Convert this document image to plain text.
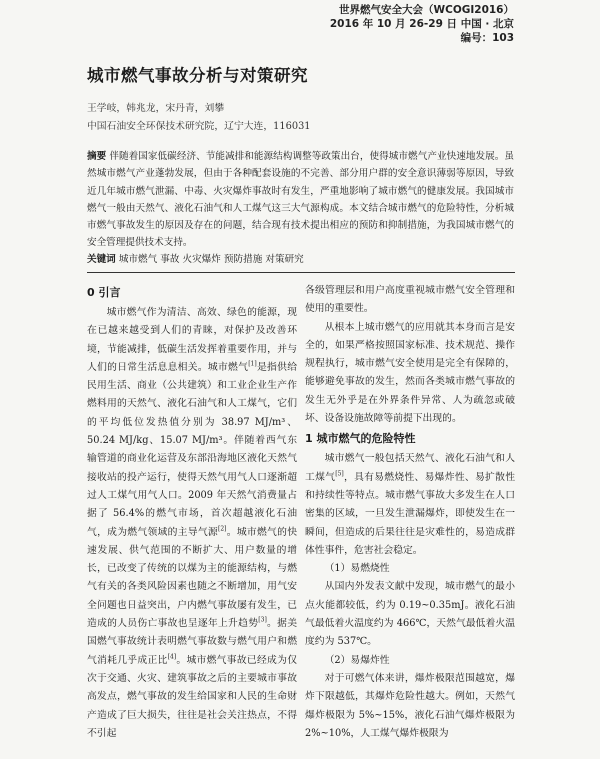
世界燃气安全大会（WCOGI2016）
2016 年 10 月 26-29 日 中国 · 北京
编号：103
城市燃气事故分析与对策研究
王学岐，韩兆龙，宋丹青，刘攀
中国石油安全环保技术研究院，辽宁大连，116031
摘要 伴随着国家低碳经济、节能减排和能源结构调整等政策出台，使得城市燃气产业快速地发展。虽然城市燃气产业蓬勃发展，但由于各种配套设施的不完善、部分用户群的安全意识薄弱等原因，导致近几年城市燃气泄漏、中毒、火灾爆炸事故时有发生，严重地影响了城市燃气的健康发展。我国城市燃气一般由天然气、液化石油气和人工煤气这三大气源构成。本文结合城市燃气的危险特性，分析城市燃气事故发生的原因及存在的问题，结合现有技术提出相应的预防和抑制措施，为我国城市燃气的安全管理提供技术支持。
关键词 城市燃气 事故 火灾爆炸 预防措施 对策研究
0 引言

城市燃气作为清洁、高效、绿色的能源，现在已越来越受到人们的青睐，对保护及改善环境，节能减排，低碳生活发挥着重要作用，并与人们的日常生活息息相关。城市燃气[1]是指供给民用生活、商业（公共建筑）和工业企业生产作燃料用的天然气、液化石油气和人工煤气，它们的平均低位发热值分别为 38.97 MJ/m³、50.24 MJ/kg、15.07 MJ/m³。伴随着西气东输管道的商业化运营及东部沿海地区液化天然气接收站的投产运行，使得天然气用气人口逐渐超过人工煤气用气人口。2009 年天然气消费量占据了 56.4%的燃气市场，首次超越液化石油气，成为燃气领域的主导气源[2]。城市燃气的快速发展、供气范围的不断扩大、用户数量的增长，已改变了传统的以煤为主的能源结构，与燃气有关的各类风险因素也随之不断增加，用气安全问题也日益突出，户内燃气事故屡有发生，已造成的人员伤亡事故也呈逐年上升趋势[3]。据美国燃气事故统计表明燃气事故数与燃气用户和燃气消耗几乎成正比[4]。城市燃气事故已经成为仅次于交通、火灾、建筑事故之后的主要城市事故高发点，燃气事故的发生给国家和人民的生命财产造成了巨大损失，往往是社会关注热点，不得不引起

各级管理层和用户高度重视城市燃气安全管理和使用的重要性。

从根本上城市燃气的应用就其本身而言是安全的，如果严格按照国家标准、技术规范、操作规程执行，城市燃气安全使用是完全有保障的，能够避免事故的发生，然而各类城市燃气事故的发生无外乎是在外界条件异常、人为疏忽或破坏、设备设施故障等前提下出现的。

1 城市燃气的危险特性

城市燃气一般包括天然气、液化石油气和人工煤气[5]，具有易燃烧性、易爆炸性、易扩散性和持续性等特点。城市燃气事故大多发生在人口密集的区域，一旦发生泄漏爆炸，即使发生在一瞬间，但造成的后果往往是灾难性的，易造成群体性事件，危害社会稳定。

（1）易燃烧性

从国内外发表文献中发现，城市燃气的最小点火能都较低，约为 0.19~0.35mJ。液化石油气最低着火温度约为 466℃，天然气最低着火温度约为 537℃。

（2）易爆炸性

对于可燃气体来讲，爆炸极限范围越宽，爆炸下限越低，其爆炸危险性越大。例如，天然气爆炸极限为 5%~15%，液化石油气爆炸极限为 2%~10%，人工煤气爆炸极限为
